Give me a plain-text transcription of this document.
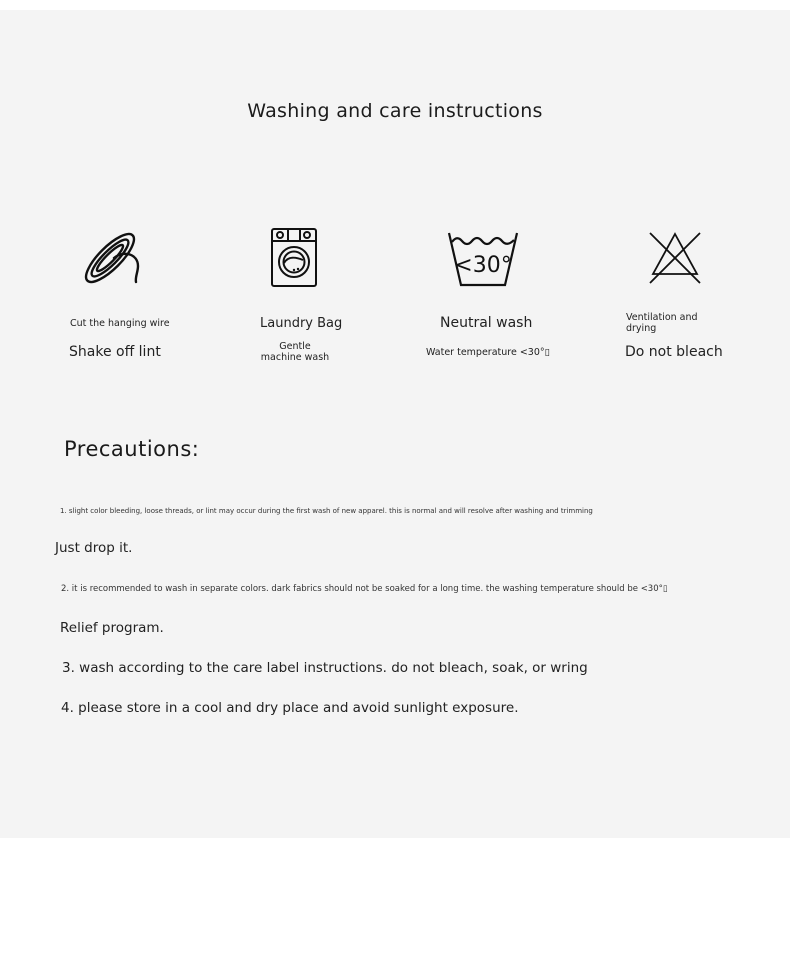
Washing and care instructions
<30°
Cut the hanging wire
Shake off lint
Laundry Bag
Gentle machine wash
Neutral wash
Water temperature <30°▯
Ventilation and drying
Do not bleach
Precautions:
1. slight color bleeding, loose threads, or lint may occur during the first wash of new apparel. this is normal and will resolve after washing and trimming
Just drop it.
2. it is recommended to wash in separate colors. dark fabrics should not be soaked for a long time. the washing temperature should be <30°▯
Relief program.
3. wash according to the care label instructions. do not bleach, soak, or wring
4. please store in a cool and dry place and avoid sunlight exposure.
